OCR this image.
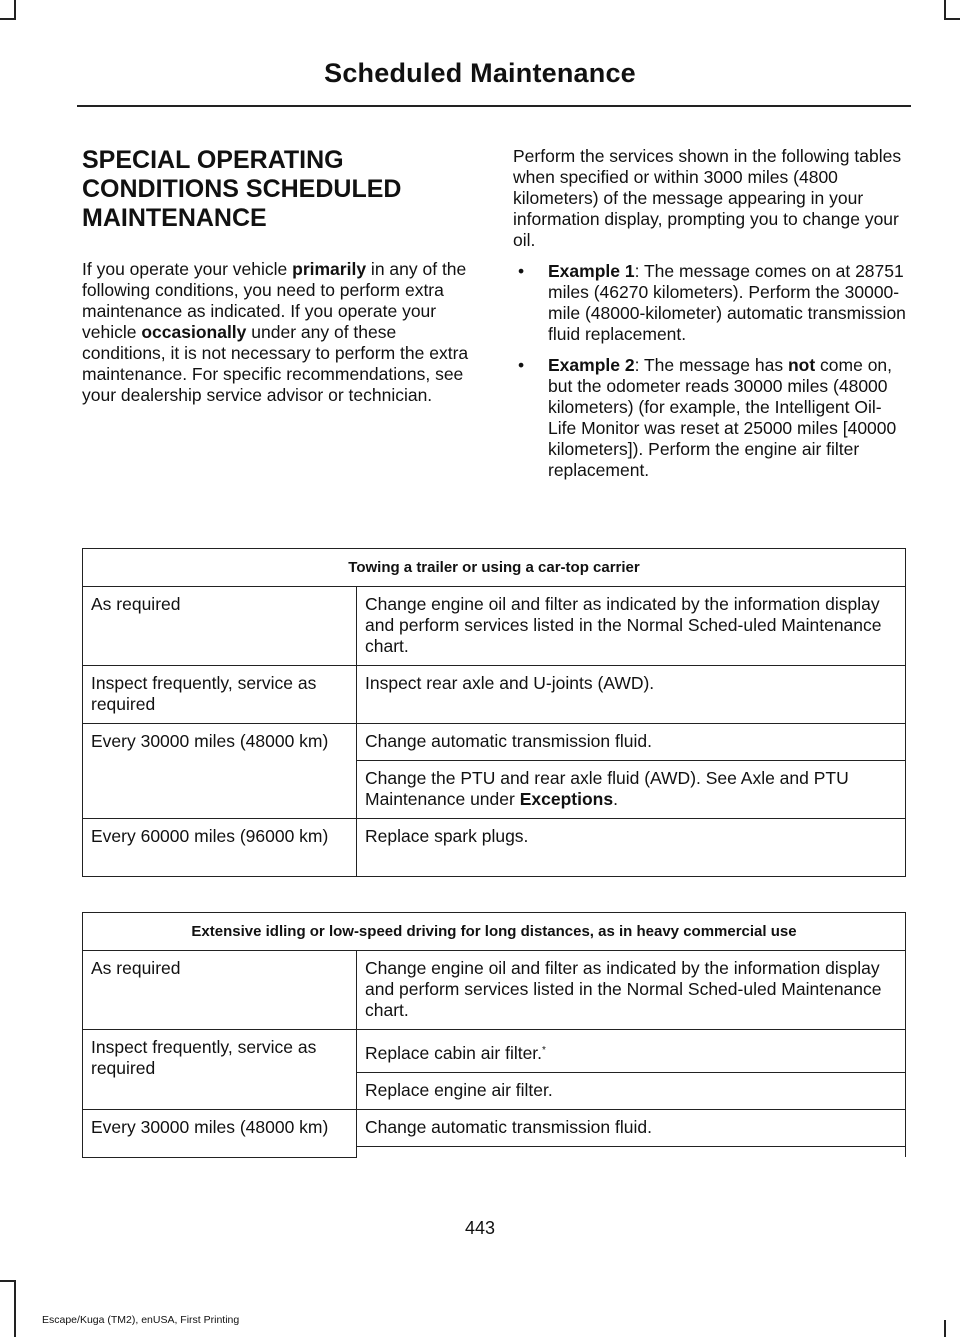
Scheduled Maintenance
SPECIAL OPERATING
CONDITIONS SCHEDULED
MAINTENANCE

If you operate your vehicle primarily in any of the following conditions, you need to perform extra maintenance as indicated. If you operate your vehicle occasionally under any of these conditions, it is not necessary to perform the extra maintenance. For specific recommendations, see your dealership service advisor or technician.

Perform the services shown in the following tables when specified or within 3000 miles (4800 kilometers) of the message appearing in your information display, prompting you to change your oil.

• Example 1: The message comes on at 28751 miles (46270 kilometers). Perform the 30000-mile (48000-kilometer) automatic transmission fluid replacement.
• Example 2: The message has not come on, but the odometer reads 30000 miles (48000 kilometers) (for example, the Intelligent Oil-Life Monitor was reset at 25000 miles [40000 kilometers]). Perform the engine air filter replacement.
Towing a trailer or using a car-top carrier	
As required	Change engine oil and filter as indicated by the information display and perform services listed in the Normal Sched-uled Maintenance chart.
Inspect frequently, service as required	Inspect rear axle and U-joints (AWD).
Every 30000 miles (48000 km)	Change automatic transmission fluid.
	Change the PTU and rear axle fluid (AWD). See Axle and PTU Maintenance under Exceptions.
Every 60000 miles (96000 km)	Replace spark plugs.
Extensive idling or low-speed driving for long distances, as in heavy commercial use	
As required	Change engine oil and filter as indicated by the information display and perform services listed in the Normal Sched-uled Maintenance chart.
Inspect frequently, service as required	Replace cabin air filter.*
	Replace engine air filter.
Every 30000 miles (48000 km)	Change automatic transmission fluid.

443
Escape/Kuga (TM2), enUSA, First Printing
